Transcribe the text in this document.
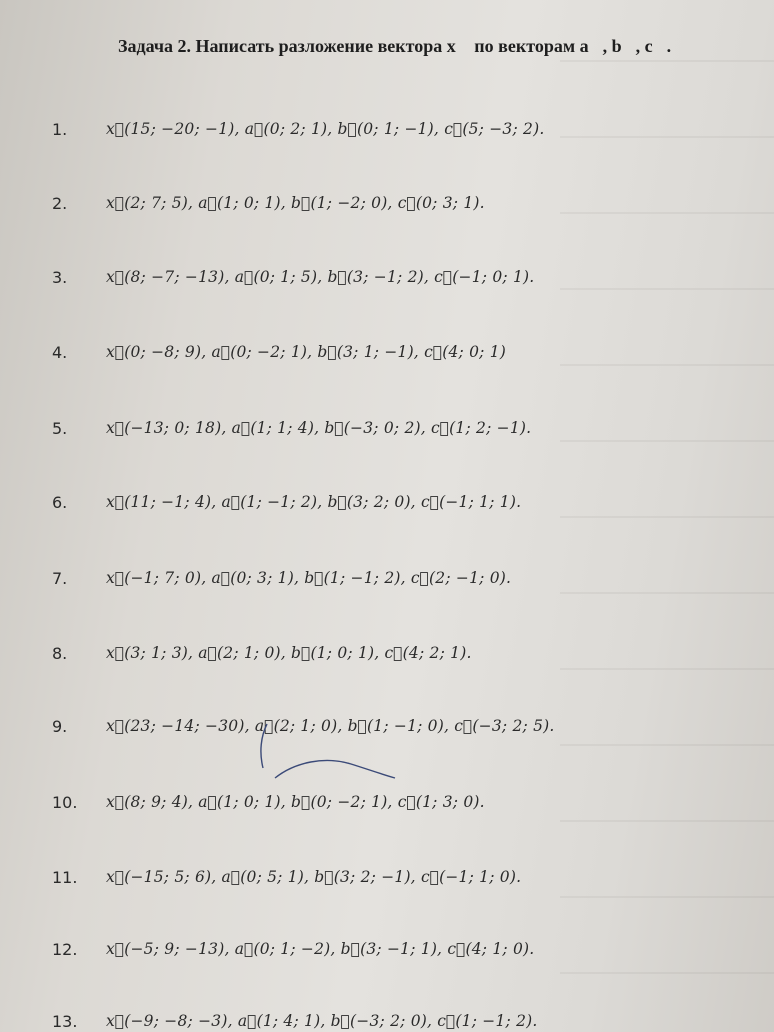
Задача 2. Написать разложение вектора x⃗ по векторам a⃗, b⃗, c⃗.
1.	x⃗(15; −20; −1), a⃗(0; 2; 1), b⃗(0; 1; −1), c⃗(5; −3; 2).
2.	x⃗(2; 7; 5), a⃗(1; 0; 1), b⃗(1; −2; 0), c⃗(0; 3; 1).
3.	x⃗(8; −7; −13), a⃗(0; 1; 5), b⃗(3; −1; 2), c⃗(−1; 0; 1).
4.	x⃗(0; −8; 9), a⃗(0; −2; 1), b⃗(3; 1; −1), c⃗(4; 0; 1)
5.	x⃗(−13; 0; 18), a⃗(1; 1; 4), b⃗(−3; 0; 2), c⃗(1; 2; −1).
6.	x⃗(11; −1; 4), a⃗(1; −1; 2), b⃗(3; 2; 0), c⃗(−1; 1; 1).
7.	x⃗(−1; 7; 0), a⃗(0; 3; 1), b⃗(1; −1; 2), c⃗(2; −1; 0).
8.	x⃗(3; 1; 3), a⃗(2; 1; 0), b⃗(1; 0; 1), c⃗(4; 2; 1).
9.	x⃗(23; −14; −30), a⃗(2; 1; 0), b⃗(1; −1; 0), c⃗(−3; 2; 5).
10.	x⃗(8; 9; 4), a⃗(1; 0; 1), b⃗(0; −2; 1), c⃗(1; 3; 0).
11.	x⃗(−15; 5; 6), a⃗(0; 5; 1), b⃗(3; 2; −1), c⃗(−1; 1; 0).
12.	x⃗(−5; 9; −13), a⃗(0; 1; −2), b⃗(3; −1; 1), c⃗(4; 1; 0).
13.	x⃗(−9; −8; −3), a⃗(1; 4; 1), b⃗(−3; 2; 0), c⃗(1; −1; 2).
